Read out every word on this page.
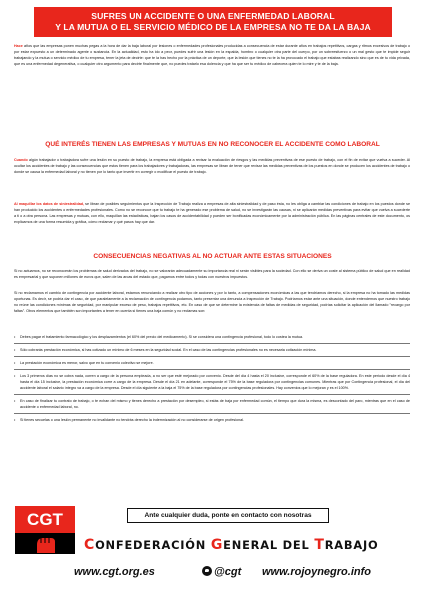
SUFRES UN ACCIDENTE O UNA ENFERMEDAD LABORAL
Y LA MUTUA O EL SERVICIO MÉDICO DE LA EMPRESA NO TE DA LA BAJA

Hace años que las empresas ponen muchas pegas a la hora de dar la baja laboral por lesiones o enfermedades profesionales producidas a consecuencia de estar durante años en trabajos repetitivos, cargas y ritmos excesivos de trabajo o por estar expuesto a un determinado agente o sustancia. En la actualidad, esto ha ido a peor, puedes sufrir una lesión en la espalda, hombro o cualquier otra parte del cuerpo, por un sobreesfuerzo o un mal gesto que te impide seguir trabajando y la mutua o servicio médico de tu empresa, tener la jeta de decirte: que te la has hecho por la práctica de un deporte, que la lesión que tienes no te la ha provocado el trabajo que estabas realizando sino que es de tu vida privada, que es una enfermedad degenerativa, o cualquier otro argumento para decirte finalmente que, no puedes tratarlo esa dolencia y que ha que ser tu médico de cabecera quien te lo mire y te de la baja.

QUÉ INTERÉS TIENEN LAS EMPRESAS Y MUTUAS EN NO RECONOCER EL ACCIDENTE COMO LABORAL

Cuando algún trabajador o trabajadora sufre una lesión en su puesto de trabajo, la empresa está obligada a revisar la evaluación de riesgos y las medidas preventivas de ese puesto de trabajo, con el fin de evitar que vuelva a suceder. Al ocultar los accidentes de trabajo y las consecuencias que estos tienen para los trabajadores y trabajadoras, las empresas se libran de tener que revisar las medidas preventivas de los puestos en donde se producen los accidentes de trabajo o donde se causa la enfermedad laboral y no tienen por lo tanto que invertir en corregir o modificar el puesto de trabajo.

Al maquillar los datos de siniestralidad, se libran de posibles seguimientos que la Inspección de Trabajo realiza a empresas de alta siniestralidad y de paso ésta, no les obliga a cambiar las condiciones de trabajo en los puestos donde se han producido los accidentes o enfermedades profesionales. Como no se reconoce que tu trabajo te ha generado ese problema de salud, no se investigarán las causas, ni se aplicarán medidas preventivas para evitar que vuelva a sucederte a ti o a otra persona. Las empresas y mutuas, con ello, maquillan las estadísticas, bajan los casos de accidentabilidad y pueden ser bonificadas económicamente por la administración pública. En las páginas centrales de este documento, os explicamos de una forma resumida y gráfica, cómo reclamar y qué pasos hay que dar.

CONSECUENCIAS NEGATIVAS AL NO ACTUAR ANTE ESTAS SITUACIONES

Si no actuamos, no se reconocerán los problemas de salud derivados del trabajo, no se valorarán adecuadamente su importancia real ni serán visibles para la sociedad. Con ello se deriva un coste al sistema público de salud que en realidad es empresarial y que suponen millones de euros que, salen de las arcas del estado que, pagamos entre todos y todas con nuestros impuestos.

Si no reclamamos el cambio de contingencia por accidente laboral, estamos renunciando a realizar otro tipo de acciones y por lo tanto, a compensaciones económicas a las que tendríamos derecho, si la empresa no ha tomado las medidas oportunas. Es decir, se podría dar el caso, de que paralelamente a la reclamación de contingencia podamos, tanto presentar una denuncia a Inspección de Trabajo. Podríamos estar ante una situación, donde entendemos que nuestro trabajo no reúne las condiciones mínimas de seguridad, por manipular exceso de peso, trabajos repetitivos, etc. En caso de que se determine la existencia de faltas de medidas de seguridad, podrías solicitar la aplicación del llamado "recargo por faltas". Otros elementos que también son importantes a tener en cuenta si tienes una baja común y no reclamas son:

• Debes pagar el tratamiento farmacológico y los desplazamientos (el 60% del precio del medicamento). Si se considera una contingencia profesional, todo lo costea la mutua.
• Sólo cobrarás prestación económica, si has cotizado un mínimo de 6 meses en la seguridad social. En el caso de las contingencias profesionales no es necesaria cotización mínima.
• La prestación económica es menor, salvo que en tu convenio colectivo se mejore.
• Los 3 primeros días no se cobra nada, corren a cargo de la persona empleada, a no ser que esté mejorado por convenio. Desde del día 4 hasta el 20 inclusive, corresponde el 60% de la base reguladora. En este periodo desde el día 4 hasta el día 15 inclusive, la prestación económica corre a cargo de la empresa. Desde el día 21 en adelante, corresponde el 75% de la base reguladora por contingencias comunes. Mientras que por Contingencia profesional, el día del accidente laboral el salario íntegro va a cargo de la empresa. Desde el día siguiente a la baja el 75% de la base reguladora por contingencias profesionales. Hay convenios que lo mejoran y es el 100%.
• En caso de finalizar tu contrato de trabajo, o te echan del mismo y tienes derecho a prestación por desempleo, si estás de baja por enfermedad común, el tiempo que dura la misma, es descontado del paro, mientras que en el caso de accidente o enfermedad laboral, no.
• Si tienes secuelas o una lesión permanente no invalidante no tendrás derecho la indemnización al no considerarse de origen profesional.
CGT	Ante cualquier duda, ponte en contacto con nosotras
CONFEDERACIÓN GENERAL DEL TRABAJO
www.cgt.org.es	@cgt www.rojoynegro.info
